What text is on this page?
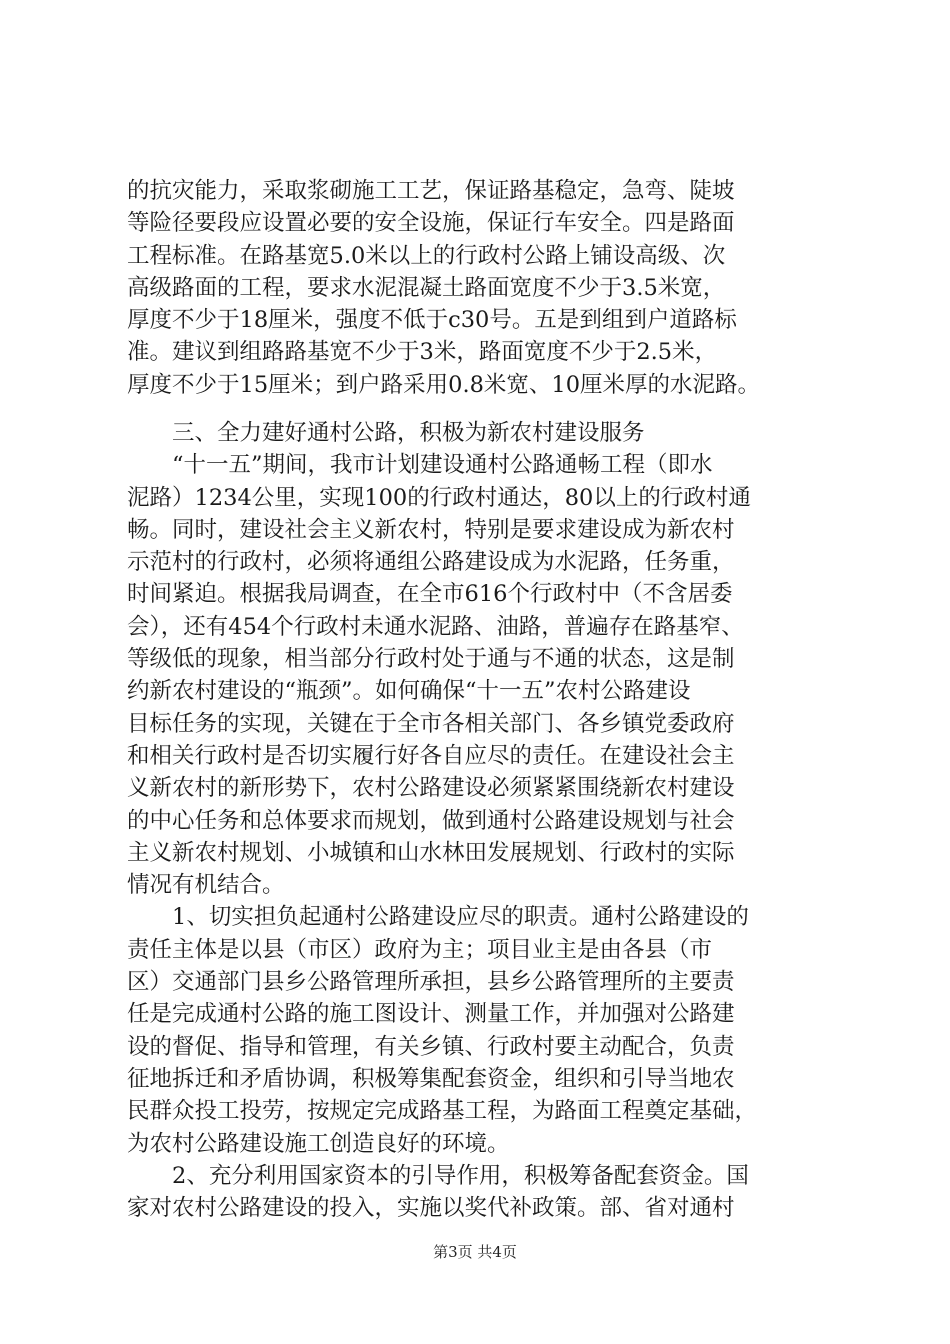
的抗灾能力，采取浆砌施工工艺，保证路基稳定，急弯、陡坡
等险径要段应设置必要的安全设施，保证行车安全。四是路面
工程标准。在路基宽5.0米以上的行政村公路上铺设高级、次
高级路面的工程，要求水泥混凝土路面宽度不少于3.5米宽，
厚度不少于18厘米，强度不低于c30号。五是到组到户道路标
准。建议到组路路基宽不少于3米，路面宽度不少于2.5米，
厚度不少于15厘米；到户路采用0.8米宽、10厘米厚的水泥路。
三、全力建好通村公路，积极为新农村建设服务
“十一五”期间，我市计划建设通村公路通畅工程（即水
泥路）1234公里，实现100的行政村通达，80以上的行政村通
畅。同时，建设社会主义新农村，特别是要求建设成为新农村
示范村的行政村，必须将通组公路建设成为水泥路，任务重，
时间紧迫。根据我局调查，在全市616个行政村中（不含居委
会），还有454个行政村未通水泥路、油路，普遍存在路基窄、
等级低的现象，相当部分行政村处于通与不通的状态，这是制
约新农村建设的“瓶颈”。如何确保“十一五”农村公路建设
目标任务的实现，关键在于全市各相关部门、各乡镇党委政府
和相关行政村是否切实履行好各自应尽的责任。在建设社会主
义新农村的新形势下，农村公路建设必须紧紧围绕新农村建设
的中心任务和总体要求而规划，做到通村公路建设规划与社会
主义新农村规划、小城镇和山水林田发展规划、行政村的实际
情况有机结合。
1、切实担负起通村公路建设应尽的职责。通村公路建设的
责任主体是以县（市区）政府为主；项目业主是由各县（市
区）交通部门县乡公路管理所承担，县乡公路管理所的主要责
任是完成通村公路的施工图设计、测量工作，并加强对公路建
设的督促、指导和管理，有关乡镇、行政村要主动配合，负责
征地拆迁和矛盾协调，积极筹集配套资金，组织和引导当地农
民群众投工投劳，按规定完成路基工程，为路面工程奠定基础，
为农村公路建设施工创造良好的环境。
2、充分利用国家资本的引导作用，积极筹备配套资金。国
家对农村公路建设的投入，实施以奖代补政策。部、省对通村
第3页 共4页
